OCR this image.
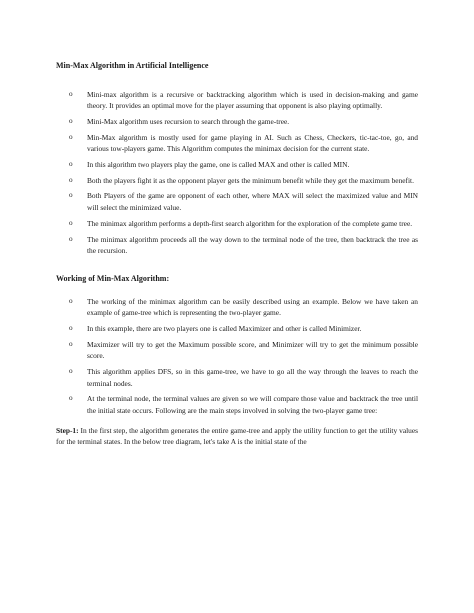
Min-Max Algorithm in Artificial Intelligence
o Mini-max algorithm is a recursive or backtracking algorithm which is used in decision-making and game theory. It provides an optimal move for the player assuming that opponent is also playing optimally.
o Mini-Max algorithm uses recursion to search through the game-tree.
o Min-Max algorithm is mostly used for game playing in AI. Such as Chess, Checkers, tic-tac-toe, go, and various tow-players game. This Algorithm computes the minimax decision for the current state.
o In this algorithm two players play the game, one is called MAX and other is called MIN.
o Both the players fight it as the opponent player gets the minimum benefit while they get the maximum benefit.
o Both Players of the game are opponent of each other, where MAX will select the maximized value and MIN will select the minimized value.
o The minimax algorithm performs a depth-first search algorithm for the exploration of the complete game tree.
o The minimax algorithm proceeds all the way down to the terminal node of the tree, then backtrack the tree as the recursion.
Working of Min-Max Algorithm:
o The working of the minimax algorithm can be easily described using an example. Below we have taken an example of game-tree which is representing the two-player game.
o In this example, there are two players one is called Maximizer and other is called Minimizer.
o Maximizer will try to get the Maximum possible score, and Minimizer will try to get the minimum possible score.
o This algorithm applies DFS, so in this game-tree, we have to go all the way through the leaves to reach the terminal nodes.
o At the terminal node, the terminal values are given so we will compare those value and backtrack the tree until the initial state occurs. Following are the main steps involved in solving the two-player game tree:
Step-1: In the first step, the algorithm generates the entire game-tree and apply the utility function to get the utility values for the terminal states. In the below tree diagram, let's take A is the initial state of the
